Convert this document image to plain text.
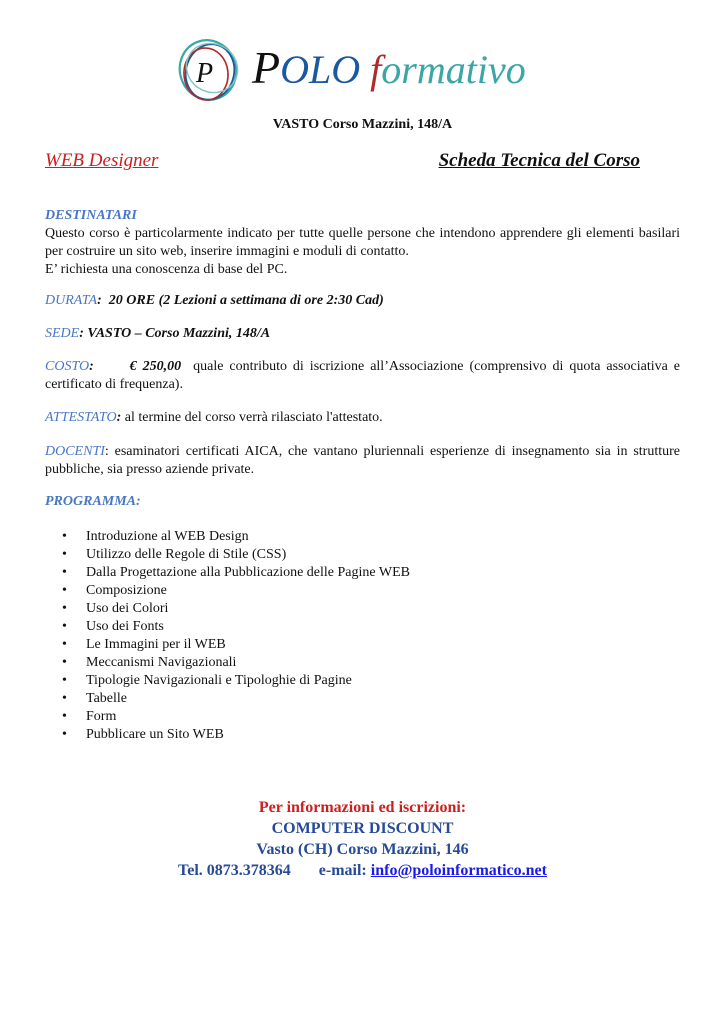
P POLO formativo
VASTO Corso Mazzini, 148/A
WEB Designer	Scheda Tecnica del Corso
DESTINATARI
Questo corso è particolarmente indicato per tutte quelle persone che intendono apprendere gli elementi basilari per costruire un sito web, inserire immagini e moduli di contatto.
E’ richiesta una conoscenza di base del PC.
DURATA:  20 ORE (2 Lezioni a settimana di ore 2:30 Cad)
SEDE: VASTO – Corso Mazzini, 148/A
COSTO:      € 250,00 quale contributo di iscrizione all’Associazione (comprensivo di quota associativa e certificato di frequenza).
ATTESTATO: al termine del corso verrà rilasciato l'attestato.
DOCENTI: esaminatori certificati AICA, che vantano pluriennali esperienze di insegnamento sia in strutture pubbliche, sia presso aziende private.
PROGRAMMA:
• Introduzione al WEB Design
• Utilizzo delle Regole di Stile (CSS)
• Dalla Progettazione alla Pubblicazione delle Pagine WEB
• Composizione
• Uso dei Colori
• Uso dei Fonts
• Le Immagini per il WEB
• Meccanismi Navigazionali
• Tipologie Navigazionali e Tipologhie di Pagine
• Tabelle
• Form
• Pubblicare un Sito WEB
Per informazioni ed iscrizioni:
COMPUTER DISCOUNT
Vasto (CH) Corso Mazzini, 146
Tel. 0873.378364 e-mail: info@poloinformatico.net
